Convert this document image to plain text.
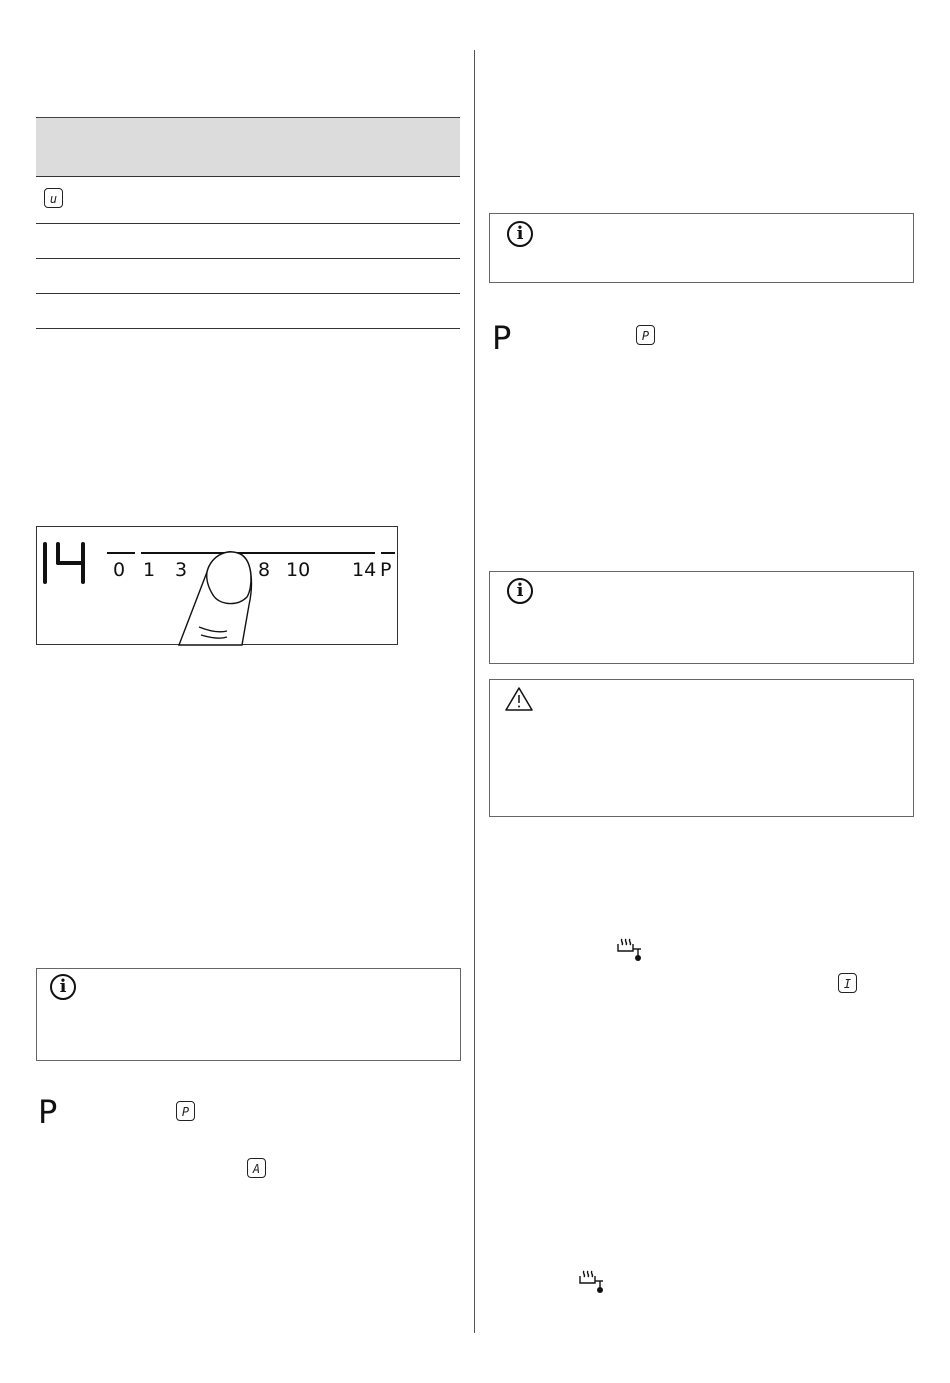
u
0 1 3	8 10 14 P
i
P	P
A
i
P	P
i
I
